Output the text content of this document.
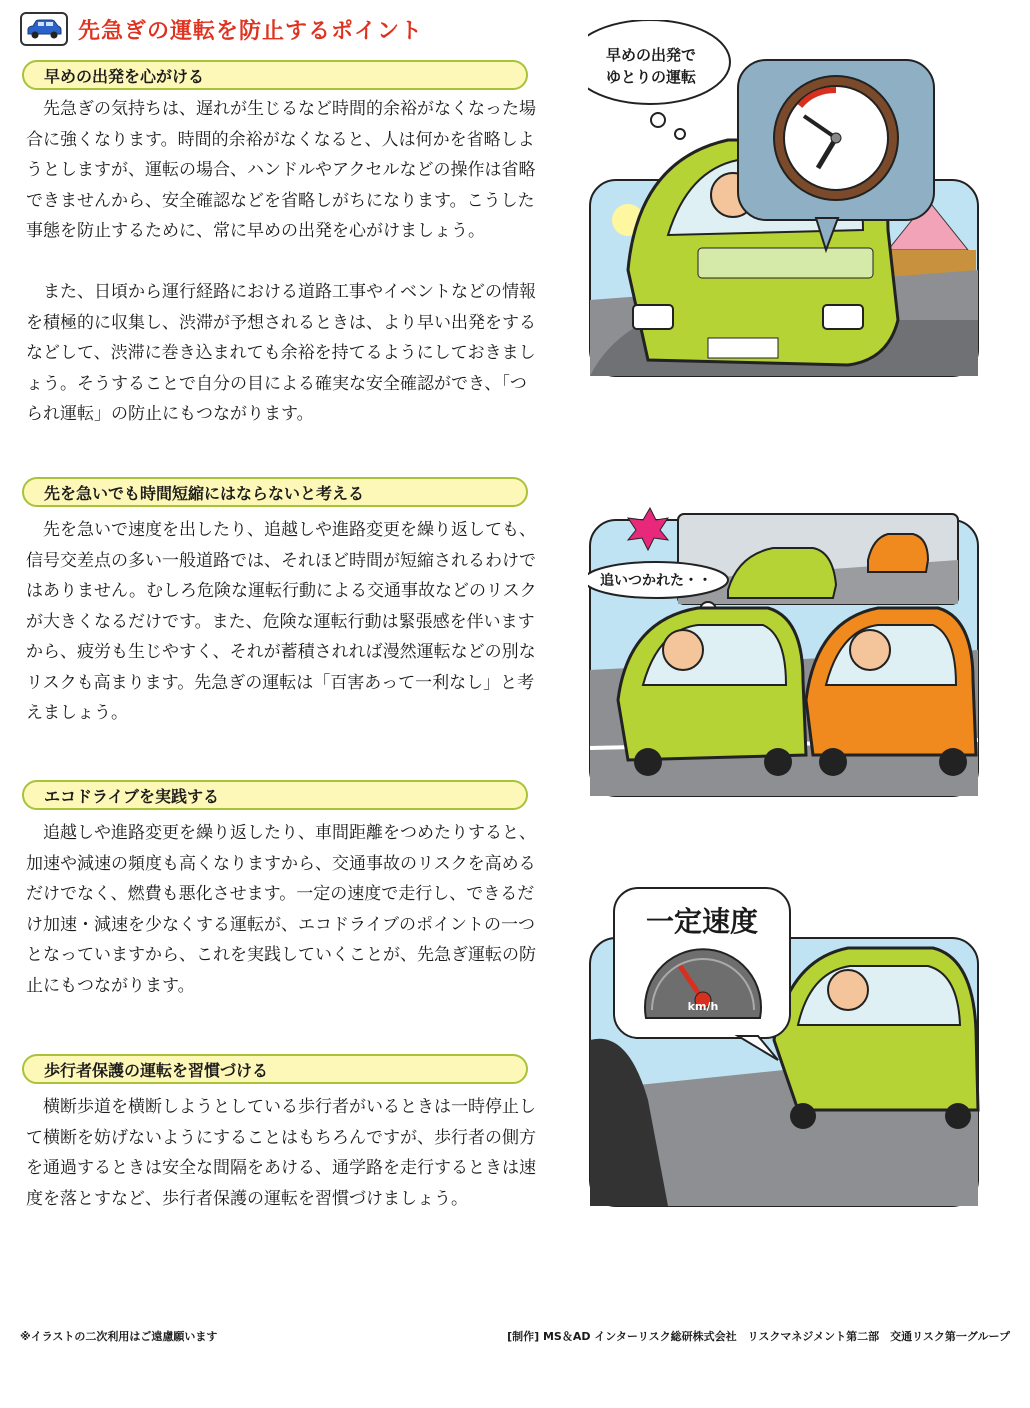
先急ぎの運転を防止するポイント
早めの出発を心がける

先急ぎの気持ちは、遅れが生じるなど時間的余裕がなくなった場合に強くなります。時間的余裕がなくなると、人は何かを省略しようとしますが、運転の場合、ハンドルやアクセルなどの操作は省略できませんから、安全確認などを省略しがちになります。こうした事態を防止するために、常に早めの出発を心がけましょう。

また、日頃から運行経路における道路工事やイベントなどの情報を積極的に収集し、渋滞が予想されるときは、より早い出発をするなどして、渋滞に巻き込まれても余裕を持てるようにしておきましょう。そうすることで自分の目による確実な安全確認ができ、「つられ運転」の防止にもつながります。

先を急いでも時間短縮にはならないと考える

先を急いで速度を出したり、追越しや進路変更を繰り返しても、信号交差点の多い一般道路では、それほど時間が短縮されるわけではありません。むしろ危険な運転行動による交通事故などのリスクが大きくなるだけです。また、危険な運転行動は緊張感を伴いますから、疲労も生じやすく、それが蓄積されれば漫然運転などの別なリスクも高まります。先急ぎの運転は「百害あって一利なし」と考えましょう。

エコドライブを実践する

追越しや進路変更を繰り返したり、車間距離をつめたりすると、加速や減速の頻度も高くなりますから、交通事故のリスクを高めるだけでなく、燃費も悪化させます。一定の速度で走行し、できるだけ加速・減速を少なくする運転が、エコドライブのポイントの一つとなっていますから、これを実践していくことが、先急ぎ運転の防止にもつながります。

歩行者保護の運転を習慣づける

横断歩道を横断しようとしている歩行者がいるときは一時停止して横断を妨げないようにすることはもちろんですが、歩行者の側方を通過するときは安全な間隔をあける、通学路を走行するときは速度を落とすなど、歩行者保護の運転を習慣づけましょう。

早めの出発で
ゆとりの運転
追いつかれた・・
一定速度
km/h
※イラストの二次利用はご遠慮願います	[制作] MS＆AD インターリスク総研株式会社　リスクマネジメント第二部　交通リスク第一グループ
